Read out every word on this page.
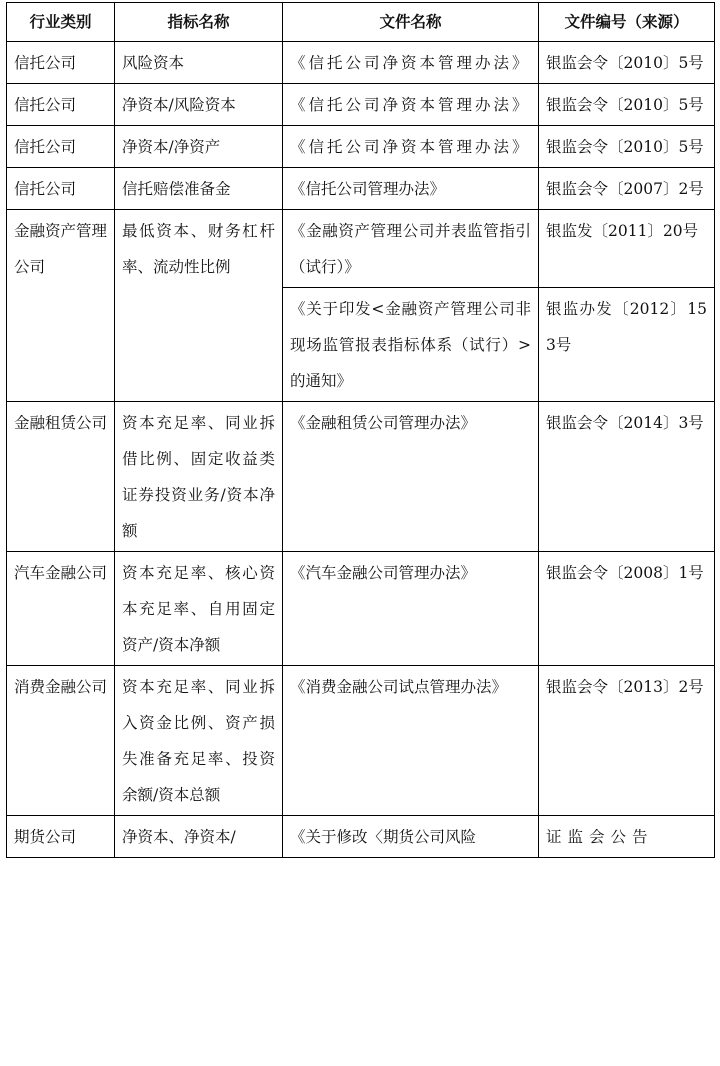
行业类别	指标名称	文件名称	文件编号（来源）
信托公司	风险资本	《信托公司净资本管理办法》	银监会令〔2010〕5号
信托公司	净资本/风险资本	《信托公司净资本管理办法》	银监会令〔2010〕5号
信托公司	净资本/净资产	《信托公司净资本管理办法》	银监会令〔2010〕5号
信托公司	信托赔偿准备金	《信托公司管理办法》	银监会令〔2007〕2号
金融资产管理公司	最低资本、财务杠杆率、流动性比例	《金融资产管理公司并表监管指引（试行）》	银监发〔2011〕20号
		《关于印发<金融资产管理公司非现场监管报表指标体系（试行）>的通知》	银监办发〔2012〕153号
金融租赁公司	资本充足率、同业拆借比例、固定收益类证券投资业务/资本净额	《金融租赁公司管理办法》	银监会令〔2014〕3号
汽车金融公司	资本充足率、核心资本充足率、自用固定资产/资本净额	《汽车金融公司管理办法》	银监会令〔2008〕1号
消费金融公司	资本充足率、同业拆入资金比例、资产损失准备充足率、投资余额/资本总额	《消费金融公司试点管理办法》	银监会令〔2013〕2号
期货公司	净资本、净资本/	《关于修改〈期货公司风险	证监会公告
